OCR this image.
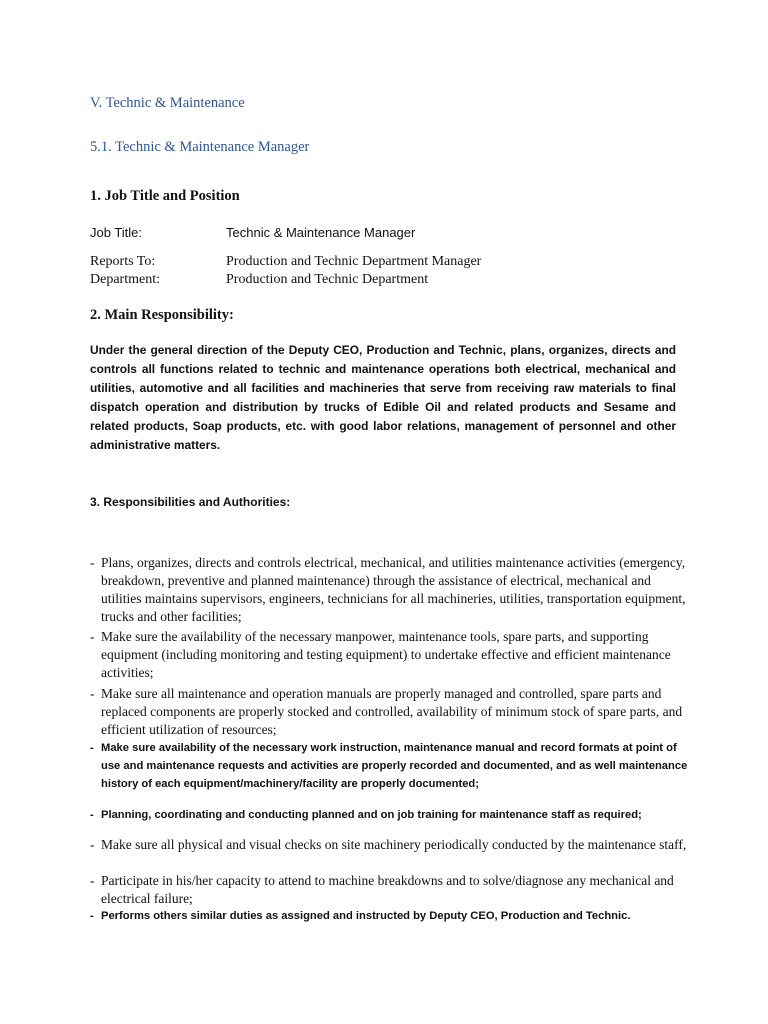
V. Technic & Maintenance
5.1. Technic & Maintenance Manager
1. Job Title and Position
Job Title:	Technic & Maintenance Manager
Reports To:	Production and Technic Department Manager
Department:	Production and Technic Department
2. Main Responsibility:
Under the general direction of the Deputy CEO, Production and Technic, plans, organizes, directs and controls all functions related to technic and maintenance operations both electrical, mechanical and utilities, automotive and all facilities and machineries that serve from receiving raw materials to final dispatch operation and distribution by trucks of Edible Oil and related products and Sesame and related products, Soap products, etc. with good labor relations, management of personnel and other administrative matters.
3. Responsibilities and Authorities:
- Plans, organizes, directs and controls electrical, mechanical, and utilities maintenance activities (emergency, breakdown, preventive and planned maintenance) through the assistance of electrical, mechanical and utilities maintains supervisors, engineers, technicians for all machineries, utilities, transportation equipment, trucks and other facilities;
- Make sure the availability of the necessary manpower, maintenance tools, spare parts, and supporting equipment (including monitoring and testing equipment) to undertake effective and efficient maintenance activities;
- Make sure all maintenance and operation manuals are properly managed and controlled, spare parts and replaced components are properly stocked and controlled, availability of minimum stock of spare parts, and efficient utilization of resources;
- Make sure availability of the necessary work instruction, maintenance manual and record formats at point of use and maintenance requests and activities are properly recorded and documented, and as well maintenance history of each equipment/machinery/facility are properly documented;
- Planning, coordinating and conducting planned and on job training for maintenance staff as required;
- Make sure all physical and visual checks on site machinery periodically conducted by the maintenance staff,
- Participate in his/her capacity to attend to machine breakdowns and to solve/diagnose any mechanical and electrical failure;
- Performs others similar duties as assigned and instructed by Deputy CEO, Production and Technic.
